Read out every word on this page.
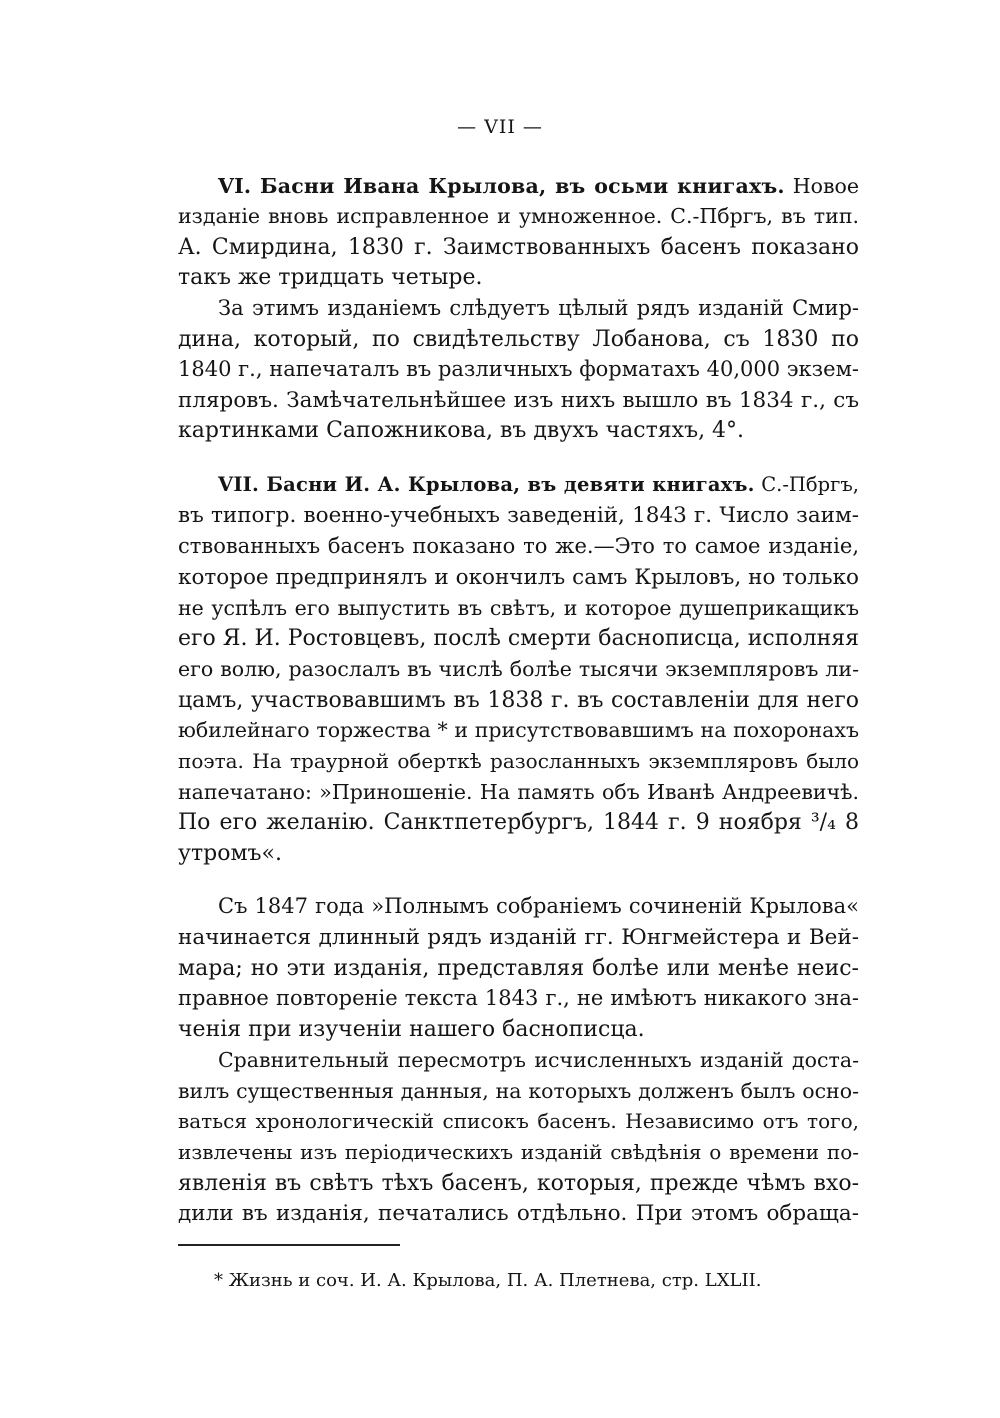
— VII —
VI. Басни Ивана Крылова, въ осьми книгахъ. Новое
изданіе вновь исправленное и умноженное. С.-Пбргъ, въ тип.
А. Смирдина, 1830 г. Заимствованныхъ басенъ показано
такъ же тридцать четыре.
За этимъ изданіемъ слѣдуетъ цѣлый рядъ изданій Смир-
дина, который, по свидѣтельству Лобанова, съ 1830 по
1840 г., напечаталъ въ различныхъ форматахъ 40,000 экзем-
пляровъ. Замѣчательнѣйшее изъ нихъ вышло въ 1834 г., съ
картинками Сапожникова, въ двухъ частяхъ, 4°.
VII. Басни И. А. Крылова, въ девяти книгахъ. С.-Пбргъ,
въ типогр. военно-учебныхъ заведеній, 1843 г. Число заим-
ствованныхъ басенъ показано то же.—Это то самое изданіе,
которое предпринялъ и окончилъ самъ Крыловъ, но только
не успѣлъ его выпустить въ свѣтъ, и которое душеприкащикъ
его Я. И. Ростовцевъ, послѣ смерти баснописца, исполняя
его волю, разослалъ въ числѣ болѣе тысячи экземпляровъ ли-
цамъ, участвовавшимъ въ 1838 г. въ составленіи для него
юбилейнаго торжества * и присутствовавшимъ на похоронахъ
поэта. На траурной оберткѣ разосланныхъ экземпляровъ было
напечатано: »Приношеніе. На память объ Иванѣ Андреевичѣ.
По его желанію. Санктпетербургъ, 1844 г. 9 ноября ³/₄ 8
утромъ«.
Съ 1847 года »Полнымъ собраніемъ сочиненій Крылова«
начинается длинный рядъ изданій гг. Юнгмейстера и Вей-
мара; но эти изданія, представляя болѣе или менѣе неис-
правное повтореніе текста 1843 г., не имѣютъ никакого зна-
ченія при изученіи нашего баснописца.
Сравнительный пересмотръ исчисленныхъ изданій доста-
вилъ существенныя данныя, на которыхъ долженъ былъ осно-
ваться хронологическій списокъ басенъ. Независимо отъ того,
извлечены изъ періодическихъ изданій свѣдѣнія о времени по-
явленія въ свѣтъ тѣхъ басенъ, которыя, прежде чѣмъ вхо-
дили въ изданія, печатались отдѣльно. При этомъ обраща-
* Жизнь и соч. И. А. Крылова, П. А. Плетнева, стр. LXLII.
